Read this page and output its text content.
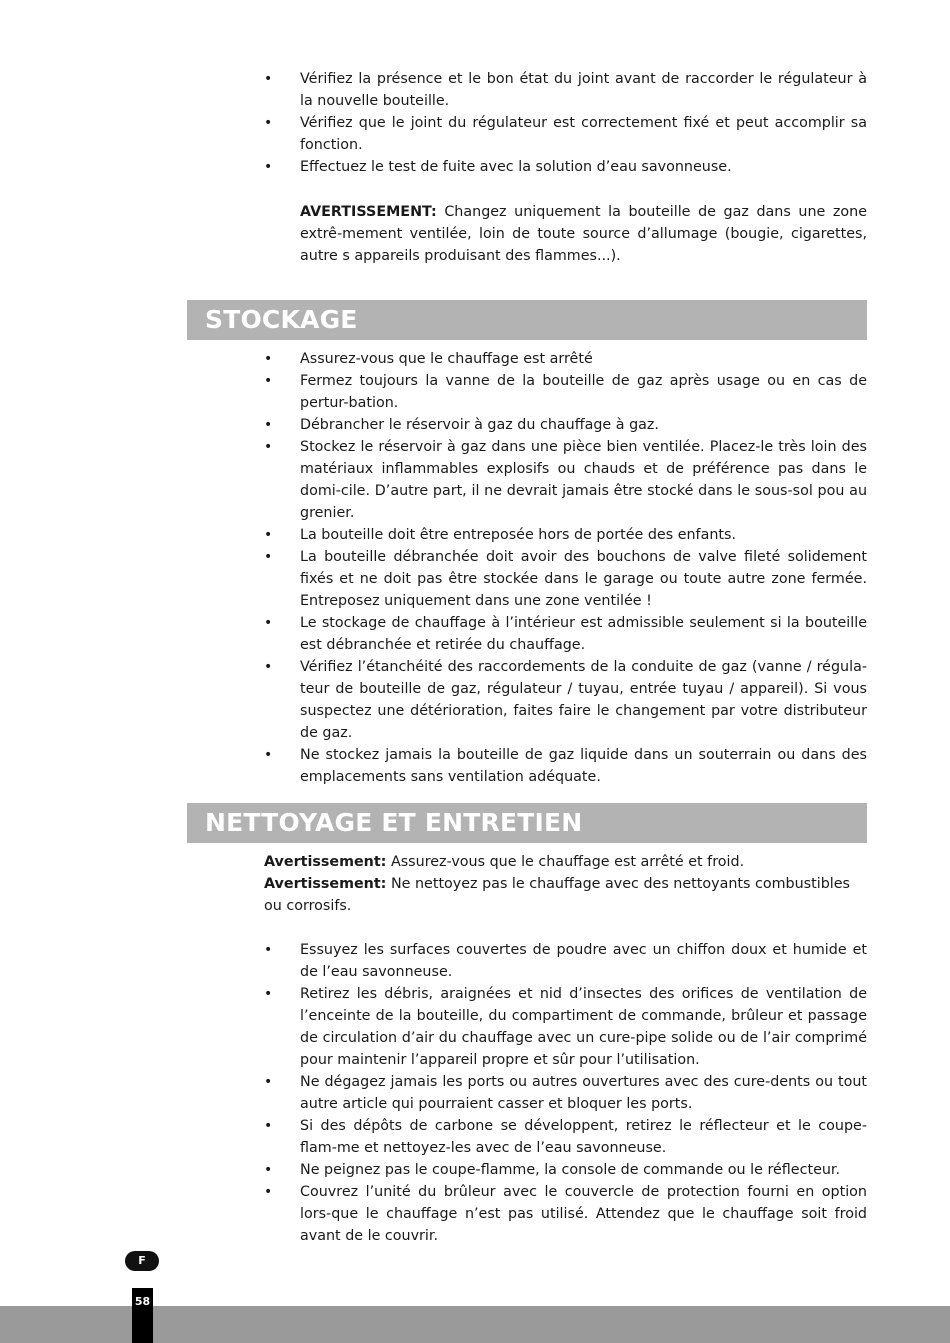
• Vérifiez la présence et le bon état du joint avant de raccorder le régulateur à la nouvelle bouteille.
• Vérifiez que le joint du régulateur est correctement fixé et peut accomplir sa fonction.
• Effectuez le test de fuite avec la solution d’eau savonneuse.
AVERTISSEMENT: Changez uniquement la bouteille de gaz dans une zone extrê-mement ventilée, loin de toute source d’allumage (bougie, cigarettes, autre s appareils produisant des flammes...).
STOCKAGE
• Assurez-vous que le chauffage est arrêté
• Fermez toujours la vanne de la bouteille de gaz après usage ou en cas de pertur-bation.
• Débrancher le réservoir à gaz du chauffage à gaz.
• Stockez le réservoir à gaz dans une pièce bien ventilée. Placez-le très loin des matériaux inflammables explosifs ou chauds et de préférence pas dans le domi-cile. D’autre part, il ne devrait jamais être stocké dans le sous-sol pou au grenier.
• La bouteille doit être entreposée hors de portée des enfants.
• La bouteille débranchée doit avoir des bouchons de valve fileté solidement fixés et ne doit pas être stockée dans le garage ou toute autre zone fermée. Entreposez uniquement dans une zone ventilée !
• Le stockage de chauffage à l’intérieur est admissible seulement si la bouteille est débranchée et retirée du chauffage.
• Vérifiez l’étanchéité des raccordements de la conduite de gaz (vanne / régula-teur de bouteille de gaz, régulateur / tuyau, entrée tuyau / appareil). Si vous suspectez une détérioration, faites faire le changement par votre distributeur de gaz.
• Ne stockez jamais la bouteille de gaz liquide dans un souterrain ou dans des emplacements sans ventilation adéquate.
NETTOYAGE ET ENTRETIEN
Avertissement: Assurez-vous que le chauffage est arrêté et froid.
Avertissement: Ne nettoyez pas le chauffage avec des nettoyants combustibles ou corrosifs.
• Essuyez les surfaces couvertes de poudre avec un chiffon doux et humide et de l’eau savonneuse.
• Retirez les débris, araignées et nid d’insectes des orifices de ventilation de l’enceinte de la bouteille, du compartiment de commande, brûleur et passage de circulation d’air du chauffage avec un cure-pipe solide ou de l’air comprimé pour maintenir l’appareil propre et sûr pour l’utilisation.
• Ne dégagez jamais les ports ou autres ouvertures avec des cure-dents ou tout autre article qui pourraient casser et bloquer les ports.
• Si des dépôts de carbone se développent, retirez le réflecteur et le coupe-flam-me et nettoyez-les avec de l’eau savonneuse.
• Ne peignez pas le coupe-flamme, la console de commande ou le réflecteur.
• Couvrez l’unité du brûleur avec le couvercle de protection fourni en option lors-que le chauffage n’est pas utilisé. Attendez que le chauffage soit froid avant de le couvrir.
F
58
